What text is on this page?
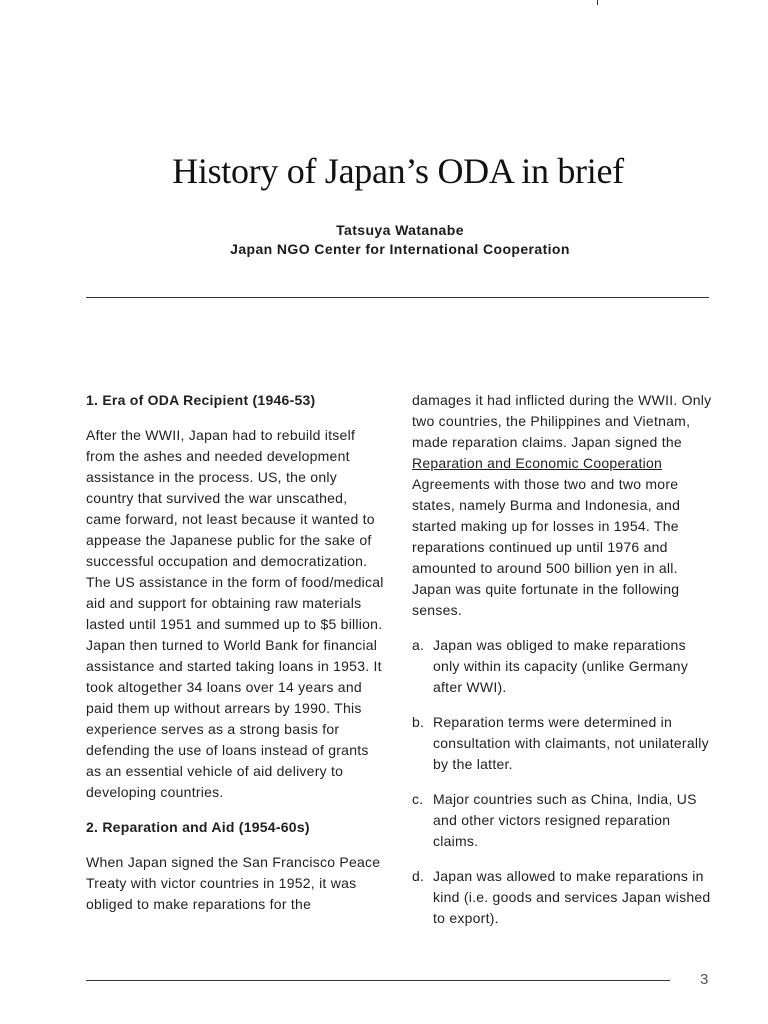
History of Japan’s ODA in brief
Tatsuya Watanabe
Japan NGO Center for International Cooperation

1. Era of ODA Recipient (1946-53)

After the WWII, Japan had to rebuild itself from the ashes and needed development assistance in the process. US, the only country that survived the war unscathed, came forward, not least because it wanted to appease the Japanese public for the sake of successful occupation and democratization. The US assistance in the form of food/medical aid and support for obtaining raw materials lasted until 1951 and summed up to $5 billion. Japan then turned to World Bank for financial assistance and started taking loans in 1953. It took altogether 34 loans over 14 years and paid them up without arrears by 1990. This experience serves as a strong basis for defending the use of loans instead of grants as an essential vehicle of aid delivery to developing countries.

2. Reparation and Aid (1954-60s)

When Japan signed the San Francisco Peace Treaty with victor countries in 1952, it was obliged to make reparations for the

damages it had inflicted during the WWII. Only two countries, the Philippines and Vietnam, made reparation claims. Japan signed the Reparation and Economic Cooperation Agreements with those two and two more states, namely Burma and Indonesia, and started making up for losses in 1954. The reparations continued up until 1976 and amounted to around 500 billion yen in all. Japan was quite fortunate in the following senses.

a. Japan was obliged to make reparations only within its capacity (unlike Germany after WWI).

b. Reparation terms were determined in consultation with claimants, not unilaterally by the latter.

c. Major countries such as China, India, US and other victors resigned reparation claims.

d. Japan was allowed to make reparations in kind (i.e. goods and services Japan wished to export).

3
